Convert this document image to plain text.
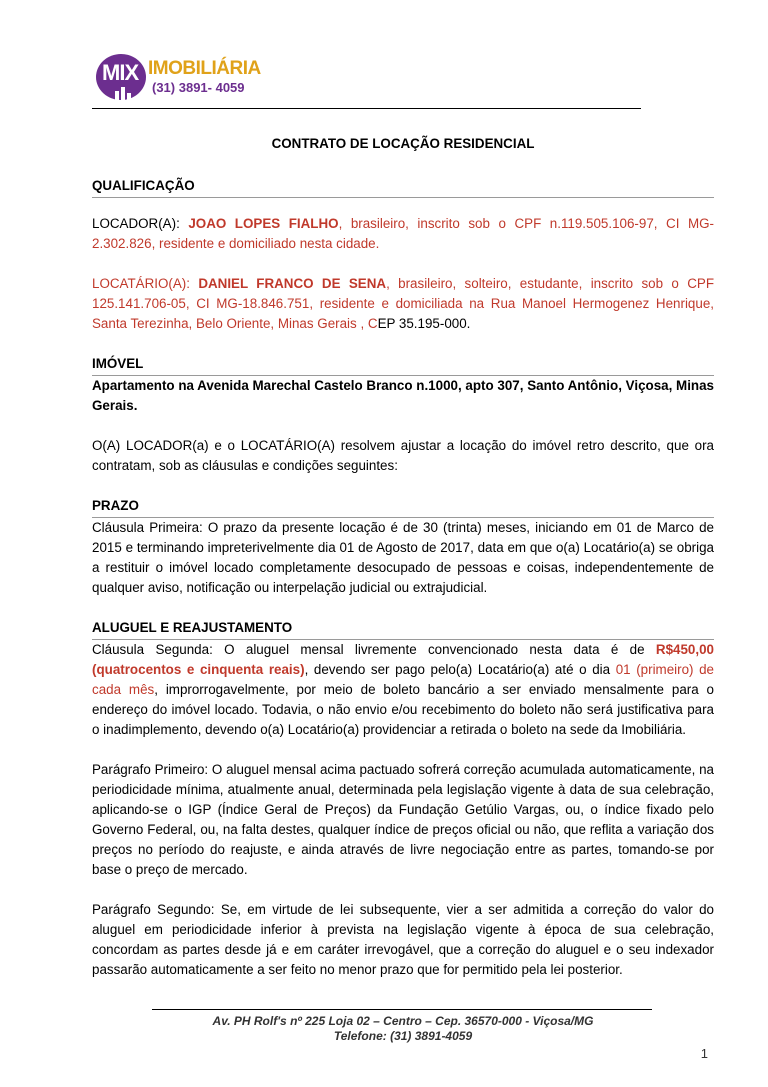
MIX IMOBILIÁRIA
(31) 3891- 4059
CONTRATO DE LOCAÇÃO RESIDENCIAL
QUALIFICAÇÃO

LOCADOR(A): JOAO LOPES FIALHO, brasileiro, inscrito sob o CPF n.119.505.106-97, CI MG-2.302.826, residente e domiciliado nesta cidade.

LOCATÁRIO(A): DANIEL FRANCO DE SENA, brasileiro, solteiro, estudante, inscrito sob o CPF 125.141.706-05, CI MG-18.846.751, residente e domiciliada na Rua Manoel Hermogenez Henrique, Santa Terezinha, Belo Oriente, Minas Gerais , CEP 35.195-000.

IMÓVEL

Apartamento na Avenida Marechal Castelo Branco n.1000, apto 307, Santo Antônio, Viçosa, Minas Gerais.

O(A) LOCADOR(a) e o LOCATÁRIO(A) resolvem ajustar a locação do imóvel retro descrito, que ora contratam, sob as cláusulas e condições seguintes:

PRAZO

Cláusula Primeira: O prazo da presente locação é de 30 (trinta) meses, iniciando em 01 de Marco de 2015 e terminando impreterivelmente dia 01 de Agosto de 2017, data em que o(a) Locatário(a) se obriga a restituir o imóvel locado completamente desocupado de pessoas e coisas, independentemente de qualquer aviso, notificação ou interpelação judicial ou extrajudicial.

ALUGUEL E REAJUSTAMENTO

Cláusula Segunda: O aluguel mensal livremente convencionado nesta data é de R$450,00 (quatrocentos e cinquenta reais), devendo ser pago pelo(a) Locatário(a) até o dia 01 (primeiro) de cada mês, improrrogavelmente, por meio de boleto bancário a ser enviado mensalmente para o endereço do imóvel locado. Todavia, o não envio e/ou recebimento do boleto não será justificativa para o inadimplemento, devendo o(a) Locatário(a) providenciar a retirada o boleto na sede da Imobiliária.

Parágrafo Primeiro: O aluguel mensal acima pactuado sofrerá correção acumulada automaticamente, na periodicidade mínima, atualmente anual, determinada pela legislação vigente à data de sua celebração, aplicando-se o IGP (Índice Geral de Preços) da Fundação Getúlio Vargas, ou, o índice fixado pelo Governo Federal, ou, na falta destes, qualquer índice de preços oficial ou não, que reflita a variação dos preços no período do reajuste, e ainda através de livre negociação entre as partes, tomando-se por base o preço de mercado.

Parágrafo Segundo: Se, em virtude de lei subsequente, vier a ser admitida a correção do valor do aluguel em periodicidade inferior à prevista na legislação vigente à época de sua celebração, concordam as partes desde já e em caráter irrevogável, que a correção do aluguel e o seu indexador passarão automaticamente a ser feito no menor prazo que for permitido pela lei posterior.

Av. PH Rolf's nº 225 Loja 02 – Centro – Cep. 36570-000 - Viçosa/MG
Telefone: (31) 3891-4059
1
